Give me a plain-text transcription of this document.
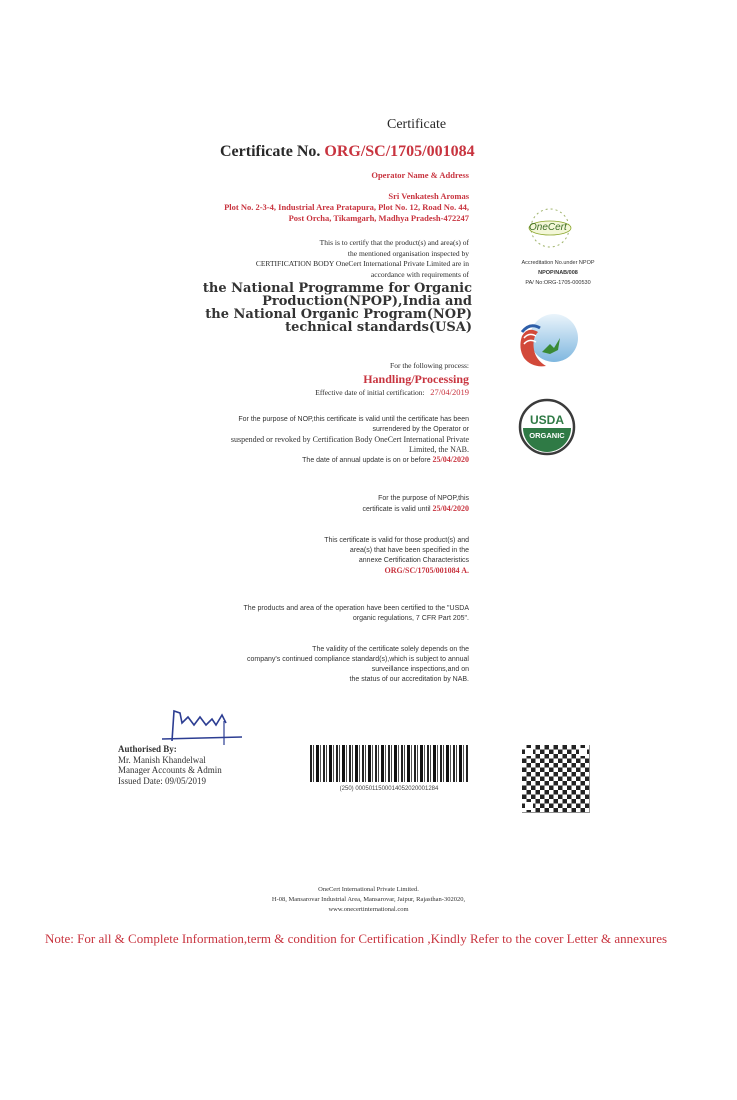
Certificate
Certificate No. ORG/SC/1705/001084
Operator Name & Address
Sri Venkatesh Aromas
Plot No. 2-3-4, Industrial Area Pratapura, Plot No. 12, Road No. 44,
Post Orcha, Tikamgarh, Madhya Pradesh-472247
This is to certify that the product(s) and area(s) of
the mentioned organisation inspected by
CERTIFICATION BODY OneCert International Private Limited are in
accordance with requirements of
the National Programme for Organic
Production(NPOP),India and
the National Organic Program(NOP)
technical standards(USA)
For the following process:
Handling/Processing
Effective date of initial certification: 27/04/2019
For the purpose of NOP,this certificate is valid until the certificate has been
surrendered by the Operator or
suspended or revoked by Certification Body OneCert International Private
Limited, the NAB.
The date of annual update is on or before 25/04/2020
For the purpose of NPOP,this
certificate is valid until 25/04/2020
This certificate is valid for those product(s) and
area(s) that have been specified in the
annexe Certification Characteristics
ORG/SC/1705/001084 A.
The products and area of the operation have been certified to the "USDA
organic regulations, 7 CFR Part 205".
The validity of the certificate solely depends on the
company's continued compliance standard(s),which is subject to annual
surveillance inspections,and on
the status of our accreditation by NAB.
OneCert
Accreditation No.under NPOP
NPOP/NAB/008
PA/ No:ORG-1705-000530
USDA
ORGANIC
Authorised By:
Mr. Manish Khandelwal
Manager Accounts & Admin
Issued Date: 09/05/2019
(250) 0005011500014052020001284
OneCert International Private Limited.
H-08, Mansarovar Industrial Area, Mansarovar, Jaipur, Rajasthan-302020,
www.onecertinternational.com
Note: For all & Complete Information,term & condition for Certification ,Kindly Refer to the cover Letter & annexures
